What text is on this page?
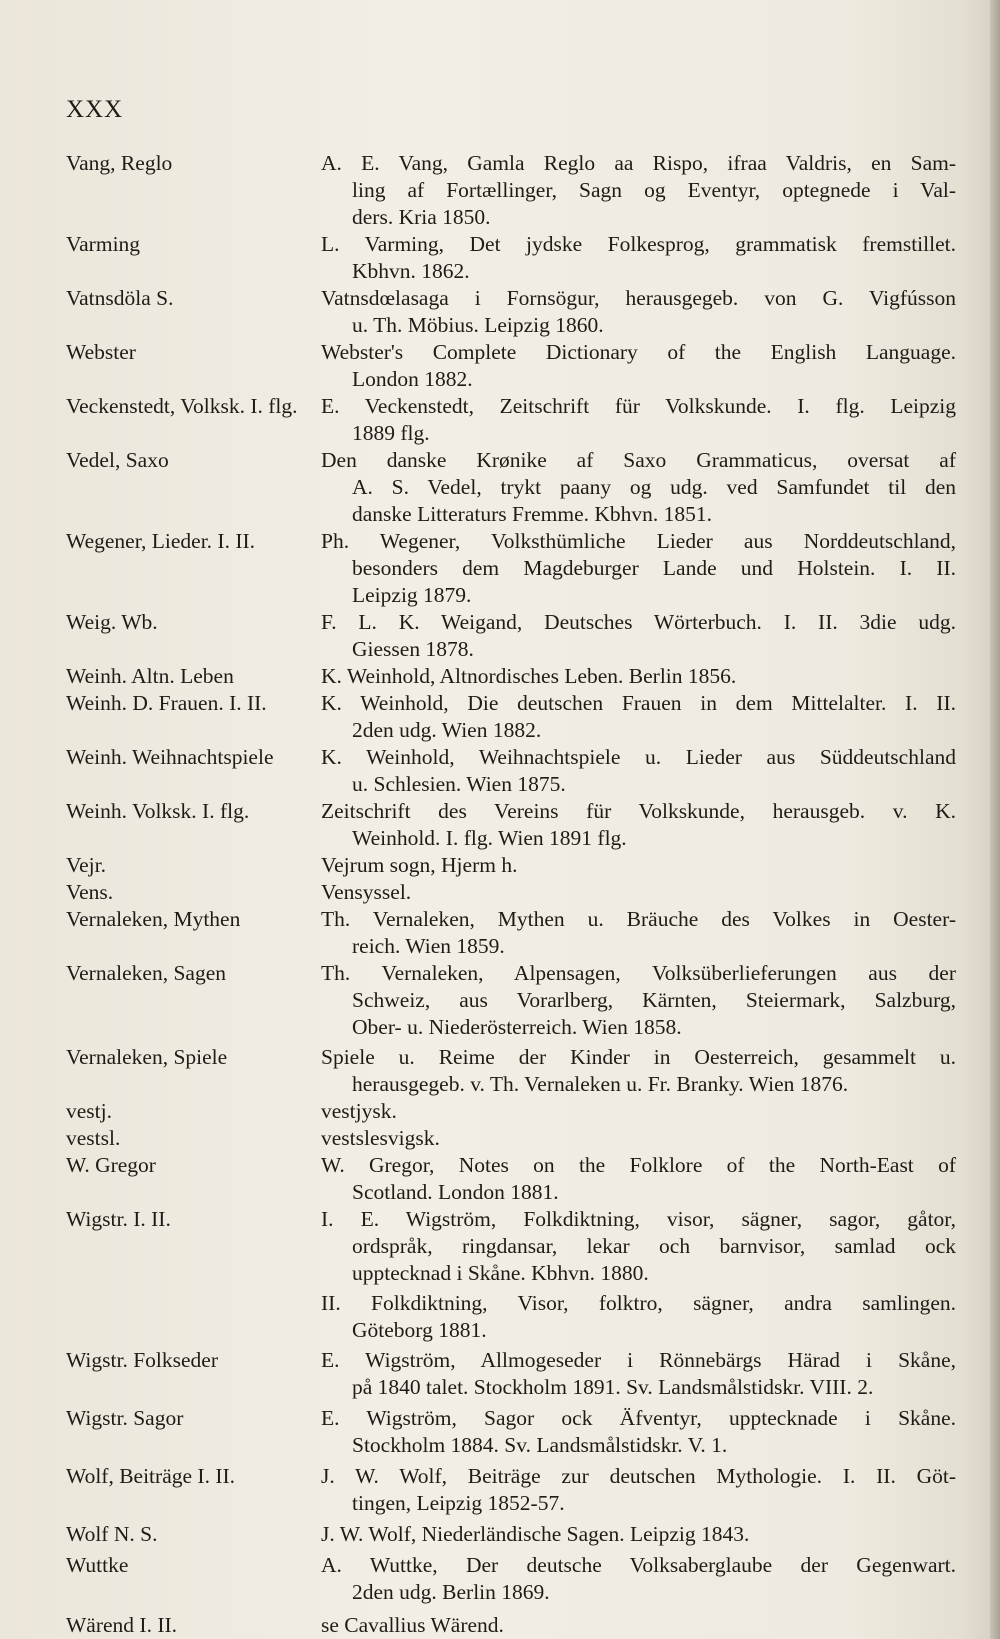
XXX
Vang, Reglo	A. E. Vang, Gamla Reglo aa Rispo, ifraa Valdris, en Sam-
ling af Fortællinger, Sagn og Eventyr, optegnede i Val-
ders. Kria 1850.
Varming	L. Varming, Det jydske Folkesprog, grammatisk fremstillet.
Kbhvn. 1862.
Vatnsdöla S.	Vatnsdœlasaga i Fornsögur, herausgegeb. von G. Vigfússon
u. Th. Möbius. Leipzig 1860.
Webster	Webster's Complete Dictionary of the English Language.
London 1882.
Veckenstedt, Volksk. I. flg.	E. Veckenstedt, Zeitschrift für Volkskunde. I. flg. Leipzig
1889 flg.
Vedel, Saxo	Den danske Krønike af Saxo Grammaticus, oversat af
A. S. Vedel, trykt paany og udg. ved Samfundet til den
danske Litteraturs Fremme. Kbhvn. 1851.
Wegener, Lieder. I. II.	Ph. Wegener, Volksthümliche Lieder aus Norddeutschland,
besonders dem Magdeburger Lande und Holstein. I. II.
Leipzig 1879.
Weig. Wb.	F. L. K. Weigand, Deutsches Wörterbuch. I. II. 3die udg.
Giessen 1878.
Weinh. Altn. Leben	K. Weinhold, Altnordisches Leben. Berlin 1856.
Weinh. D. Frauen. I. II.	K. Weinhold, Die deutschen Frauen in dem Mittelalter. I. II.
2den udg. Wien 1882.
Weinh. Weihnachtspiele	K. Weinhold, Weihnachtspiele u. Lieder aus Süddeutschland
u. Schlesien. Wien 1875.
Weinh. Volksk. I. flg.	Zeitschrift des Vereins für Volkskunde, herausgeb. v. K.
Weinhold. I. flg. Wien 1891 flg.
Vejr.	Vejrum sogn, Hjerm h.
Vens.	Vensyssel.
Vernaleken, Mythen	Th. Vernaleken, Mythen u. Bräuche des Volkes in Oester-
reich. Wien 1859.
Vernaleken, Sagen	Th. Vernaleken, Alpensagen, Volksüberlieferungen aus der
Schweiz, aus Vorarlberg, Kärnten, Steiermark, Salzburg,
Ober- u. Niederösterreich. Wien 1858.
Vernaleken, Spiele	Spiele u. Reime der Kinder in Oesterreich, gesammelt u.
herausgegeb. v. Th. Vernaleken u. Fr. Branky. Wien 1876.
vestj.	vestjysk.
vestsl.	vestslesvigsk.
W. Gregor	W. Gregor, Notes on the Folklore of the North-East of
Scotland. London 1881.
Wigstr. I. II.	I. E. Wigström, Folkdiktning, visor, sägner, sagor, gåtor,
ordspråk, ringdansar, lekar och barnvisor, samlad ock
upptecknad i Skåne. Kbhvn. 1880.
II. Folkdiktning, Visor, folktro, sägner, andra samlingen.
Göteborg 1881.
Wigstr. Folkseder	E. Wigström, Allmogeseder i Rönnebärgs Härad i Skåne,
på 1840 talet. Stockholm 1891. Sv. Landsmålstidskr. VIII. 2.
Wigstr. Sagor	E. Wigström, Sagor ock Äfventyr, upptecknade i Skåne.
Stockholm 1884. Sv. Landsmålstidskr. V. 1.
Wolf, Beiträge I. II.	J. W. Wolf, Beiträge zur deutschen Mythologie. I. II. Göt-
tingen, Leipzig 1852-57.
Wolf N. S.	J. W. Wolf, Niederländische Sagen. Leipzig 1843.
Wuttke	A. Wuttke, Der deutsche Volksaberglaube der Gegenwart.
2den udg. Berlin 1869.
Wärend I. II.	se Cavallius Wärend.
